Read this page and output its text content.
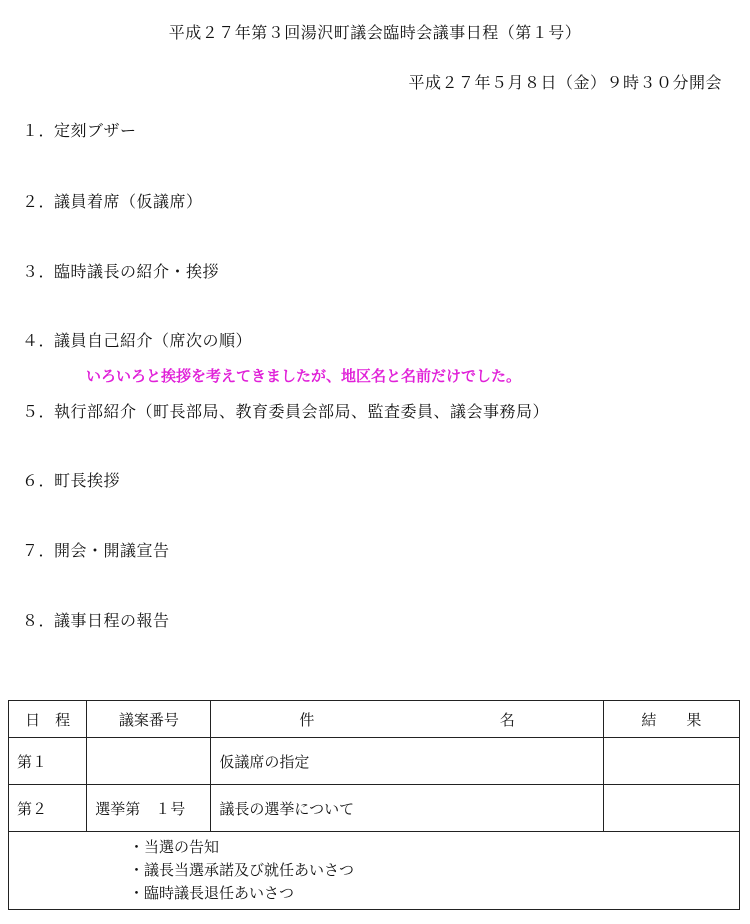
平成２７年第３回湯沢町議会臨時会議事日程（第１号）
平成２７年５月８日（金）９時３０分開会
１．定刻ブザー
２．議員着席（仮議席）
３．臨時議長の紹介・挨拶
４．議員自己紹介（席次の順）
５．執行部紹介（町長部局、教育委員会部局、監査委員、議会事務局）
６．町長挨拶
７．開会・開議宣告
８．議事日程の報告
いろいろと挨拶を考えてきましたが、地区名と名前だけでした。
日　程	議案番号	件 名	結　　果
第１		仮議席の指定	
第２	選挙第　１号	議長の選挙について	

・当選の告知
・議長当選承諾及び就任あいさつ
・臨時議長退任あいさつ			
